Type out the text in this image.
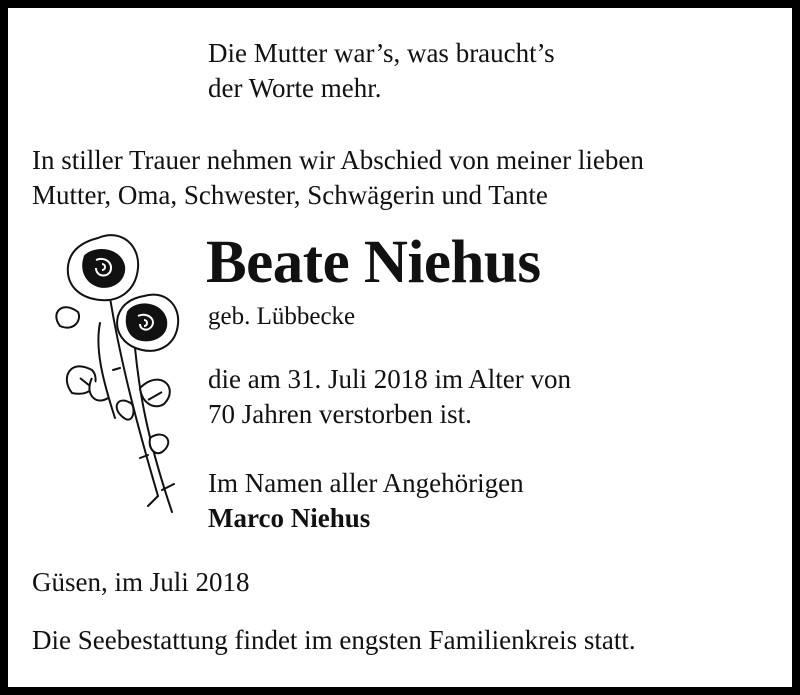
Die Mutter war’s, was braucht’s
der Worte mehr.
In stiller Trauer nehmen wir Abschied von meiner lieben
Mutter, Oma, Schwester, Schwägerin und Tante
Beate Niehus
geb. Lübbecke
die am 31. Juli 2018 im Alter von
70 Jahren verstorben ist.
Im Namen aller Angehörigen
Marco Niehus
Güsen, im Juli 2018
Die Seebestattung findet im engsten Familienkreis statt.
